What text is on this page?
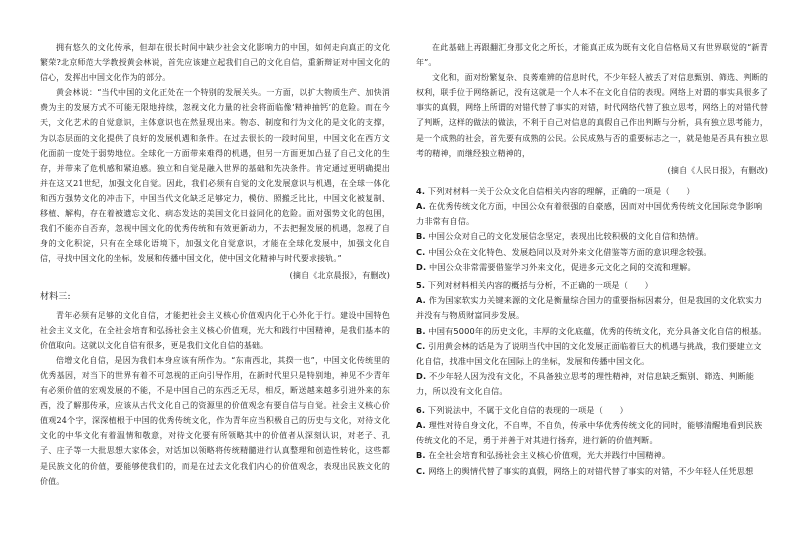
拥有悠久的文化传承，但却在很长时间中缺少社会文化影响力的中国，如何走向真正的文化繁荣?北京师范大学教授黄会林说，首先应该建立起我们自己的文化自信，重新辩证对中国文化的信心，发挥出中国文化作为的部分。

黄会林说：“当代中国的文化正处在一个特别的发展关头。一方面，以扩大物质生产、加快消费为主的发展方式不可能无限地持续，忽视文化力量的社会将面临像‘精神抽钙’的危险。而在今天，文化艺术的自觉意识，主体意识也在然显现出来。物态、制度和行为文化的是文化的支撑，为以态层面的文化提供了良好的发展机遇和条件。在过去很长的一段时间里，中国文化在西方文化面前一度处于弱势地位。全球化一方面带来难得的机遇，但另一方面更加凸显了自己文化的生存，并带来了危机感和紧迫感。独立和自觉是融入世界的基础和先决条件。肯定通过更明确提出并在这又21世纪，加强文化自觉。因此，我们必须有自觉的文化发展意识与机遇，在全球一体化和西方强势文化的冲击下，中国当代文化缺乏足够定力，模仿、照搬乏比比，中国文化被复制、移植、解构，存在着被遗忘文化、病态发达的美国文化日益同化的危险。面对强势文化的包围，我们不能亦自否弃，忽视中国文化的优秀传统和有效更新动力，不去把握发展的机遇，忽视了自身的文化积淀，只有在全球化语境下，加强文化自觉意识，才能在全球化发展中，加强文化自信，寻找中国文化的坐标，发展和传播中国文化，使中国文化精神与时代要求接轨。”

(摘自《北京晨报》，有删改)
材料三:

青年必须有足够的文化自信，才能把社会主义核心价值观内化于心外化于行。建设中国特色社会主义文化，在全社会培育和弘扬社会主义核心价值观，光大和践行中国精神，是我们基本的价值取向。这就以文化自信有很多，更是我们文化自信的基础。

倍增文化自信，是因为我们本身应该有所作为。“东南西北，其揆一也”，中国文化传统里的优秀基因，对当下的世界有着不可忽视的正向引导作用，在新时代里只是特别地，神见不少青年有必须价值的宏观发展的不能，不是中国自己的东西乏无尽，相反，断送越来越多引进外来的东西，没了解那传承，应该从古代文化自己的资源里的价值观念有要自信与自觉。社会主义核心价值观24个字，深深植根于中国的优秀传统文化，作为青年应当积极自己的历史与文化，对待文化文化的中华文化有着温情和敬意，对待文化要有所领略其中的价值者从深刻认识，对老子、孔子、庄子等一大批思想大家体会，对话加以领略将传统精髓进行认真整理和创造性转化，这些都是民族文化的价值，要能够使我们的，而是在过去文化我们内心的价值观念，表现出民族文化的价值。

在此基础上再跟翻汇身那文化之所长，才能真正成为既有文化自信格局又有世界联觉的“新青年”。

文化和，面对纷繁复杂、良莠难辨的信息时代，不少年轻人被丢了对信息甄别、筛选、判断的权利，联手位于网络新记，没有这就是一个人本不在文化自信的表现。网络上对谓的事实具很多了事实的真假，网络上所谓的对错代替了事实的对错，时代网络代替了独立思考，网络上的对错代替了判断，这样的做法的做法，不利于自己对信息的真假自己作出判断与分析，具有独立思考能力，是一个成熟的社会，首先要有成熟的公民。公民成熟与否的重要标志之一，就是他是否具有独立思考的精神，而继经独立精神的，

(摘自《人民日报》，有删改)

4. 下列对材料一关于公众文化自信相关内容的理解，正确的一项是（　　）

A. 在优秀传统文化方面，中国公众有着很强的自豪感，因而对中国优秀传统文化国际竞争影响力非常有自信。

B. 中国公众对自己的文化发展信念坚定，表现出比较积极的文化自信和热情。

C. 中国公众在文化特色、发展趋同以及对外来文化借鉴等方面的意识理念较强。

D. 中国公众非常需要借鉴学习外来文化，促进多元文化之间的交流和理解。

5. 下列对材料相关内容的概括与分析，不正确的一项是（　　）

A. 作为国家软实力关键来源的文化是衡量综合国力的重要指标因素分，但是我国的文化软实力并没有与物质财富同步发展。

B. 中国有5000年的历史文化，丰厚的文化底蕴，优秀的传统文化，充分具备文化自信的根基。

C. 引用黄会林的话是为了说明当代中国的文化发展正面临着巨大的机遇与挑战，我们要建立文化自信，找准中国文化在国际上的坐标，发展和传播中国文化。

D. 不少年轻人因为没有文化，不具备独立思考的理性精神，对信息缺乏甄别、筛选、判断能力，所以没有文化自信。

6. 下列说法中，不属于文化自信的表现的一项是（　　）

A. 理性对待自身文化，不自卑，不自负，传承中华优秀传统文化的同时，能够清醒地看到民族传统文化的不足，勇于并善于对其进行扬弃，进行新的价值判断。

B. 在全社会培育和弘扬社会主义核心价值观，光大并践行中国精神。

C. 网络上的舆情代替了事实的真假，网络上的对错代替了事实的对错，不少年轻人任凭思想
